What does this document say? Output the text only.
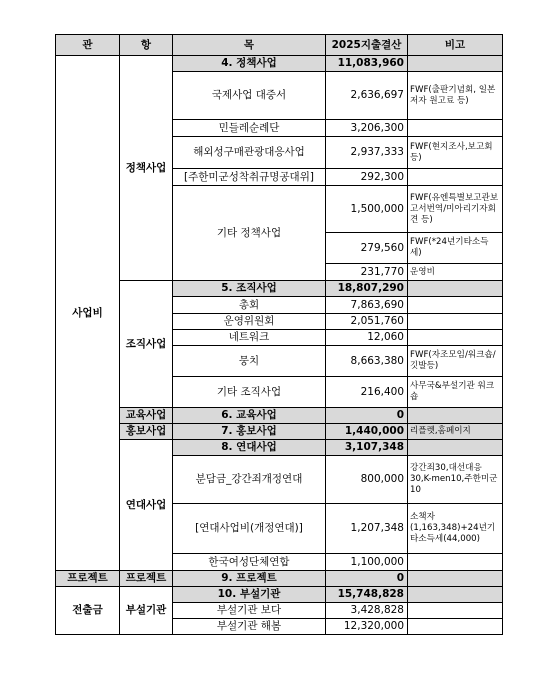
관	항	목	2025지출결산	비고
사업비	정책사업	4. 정책사업	11,083,960	
		국제사업 대중서	2,636,697	FWF(출판기념회, 일본저자 원고료 등)
		민들레순례단	3,206,300	
		해외성구매관광대응사업	2,937,333	FWF(현지조사,보고회 등)
		[주한미군성착취규명공대위]	292,300	
		기타 정책사업	1,500,000	FWF(유엔특별보고관보고서번역/미아리기자회견 등)
			279,560	FWF(*24년기타소득세)
			231,770	운영비
	조직사업	5. 조직사업	18,807,290	
		총회	7,863,690	
		운영위원회	2,051,760	
		네트워크	12,060	
		뭉치	8,663,380	FWF(자조모임/워크숍/깃발등)
		기타 조직사업	216,400	사무국&부설기관 워크숍
	교육사업	6. 교육사업	0	
	홍보사업	7. 홍보사업	1,440,000	리플렛,홈페이지
	연대사업	8. 연대사업	3,107,348	
		분담금_강간죄개정연대	800,000	강간죄30,대선대응30,K-men10,주한미군10
		[연대사업비(개정연대)]	1,207,348	소책자(1,163,348)+24년기타소득세(44,000)
		한국여성단체연합	1,100,000	
프로젝트	프로젝트	9. 프로젝트	0	
전출금	부설기관	10. 부설기관	15,748,828	
		부설기관 보다	3,428,828	
		부설기관 해봄	12,320,000	
